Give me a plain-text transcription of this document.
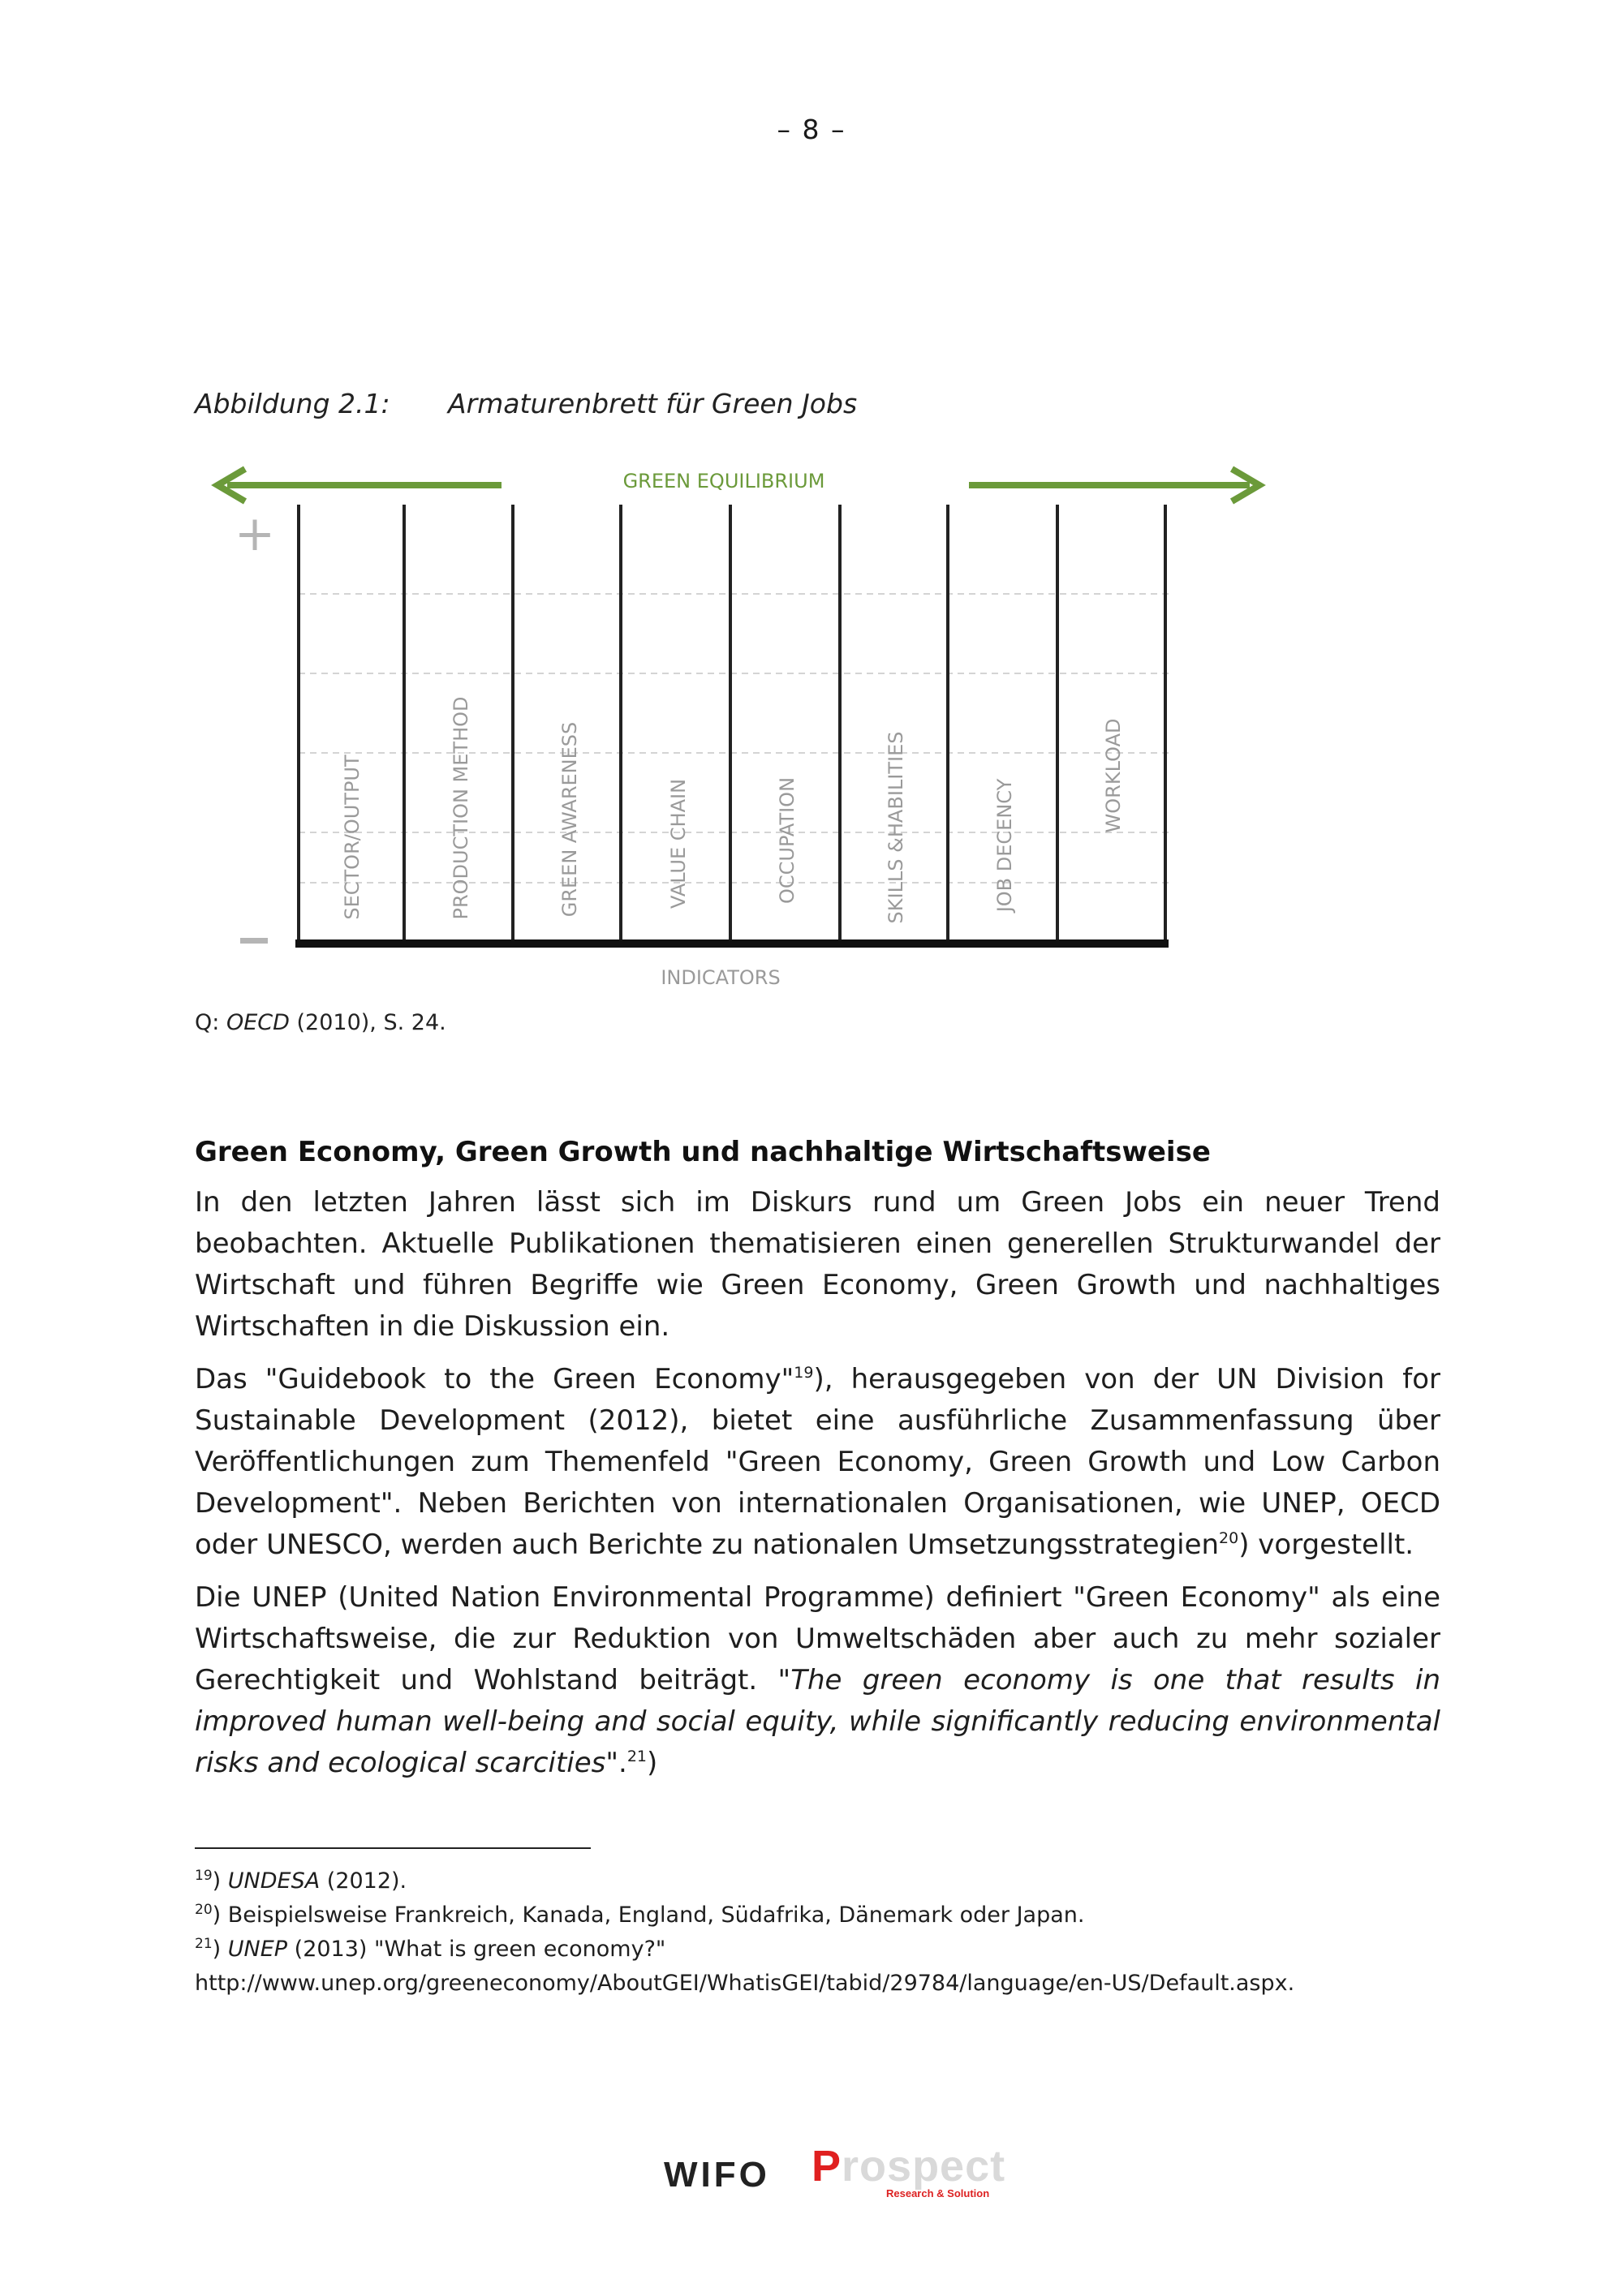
– 8 –
Abbildung 2.1: Armaturenbrett für Green Jobs
GREEN EQUILIBRIUM
+
SECTOR/OUTPUT	PRODUCTION METHOD	GREEN AWARENESS	VALUE CHAIN	OCCUPATION	SKILLS &HABILITIES	JOB DECENCY
WORKLOAD
INDICATORS
Q: OECD (2010), S. 24.
Green Economy, Green Growth und nachhaltige Wirtschaftsweise

In den letzten Jahren lässt sich im Diskurs rund um Green Jobs ein neuer Trend beobachten. Aktuelle Publikationen thematisieren einen generellen Strukturwandel der Wirtschaft und führen Begriffe wie Green Economy, Green Growth und nachhaltiges Wirtschaften in die Diskussion ein.

Das "Guidebook to the Green Economy"$^{19}$), herausgegeben von der UN Division for Sustainable Development (2012), bietet eine ausführliche Zusammenfassung über Veröffentlichungen zum Themenfeld "Green Economy, Green Growth und Low Carbon Development". Neben Berichten von internationalen Organisationen, wie UNEP, OECD oder UNESCO, werden auch Berichte zu nationalen Umsetzungsstrategien$^{20}$) vorgestellt.

Die UNEP (United Nation Environmental Programme) definiert "Green Economy" als eine Wirtschaftsweise, die zur Reduktion von Umweltschäden aber auch zu mehr sozialer Gerechtigkeit und Wohlstand beiträgt. "The green economy is one that results in improved human well-being and social equity, while significantly reducing environmental risks and ecological scarcities".$^{21}$)

$^{19}$) UNDESA (2012).
$^{20}$) Beispielsweise Frankreich, Kanada, England, Südafrika, Dänemark oder Japan.
$^{21}$) UNEP (2013) "What is green economy?"
http://www.unep.org/greeneconomy/AboutGEI/WhatisGEI/tabid/29784/language/en-US/Default.aspx.
WIFO Prospect
Research & Solution
